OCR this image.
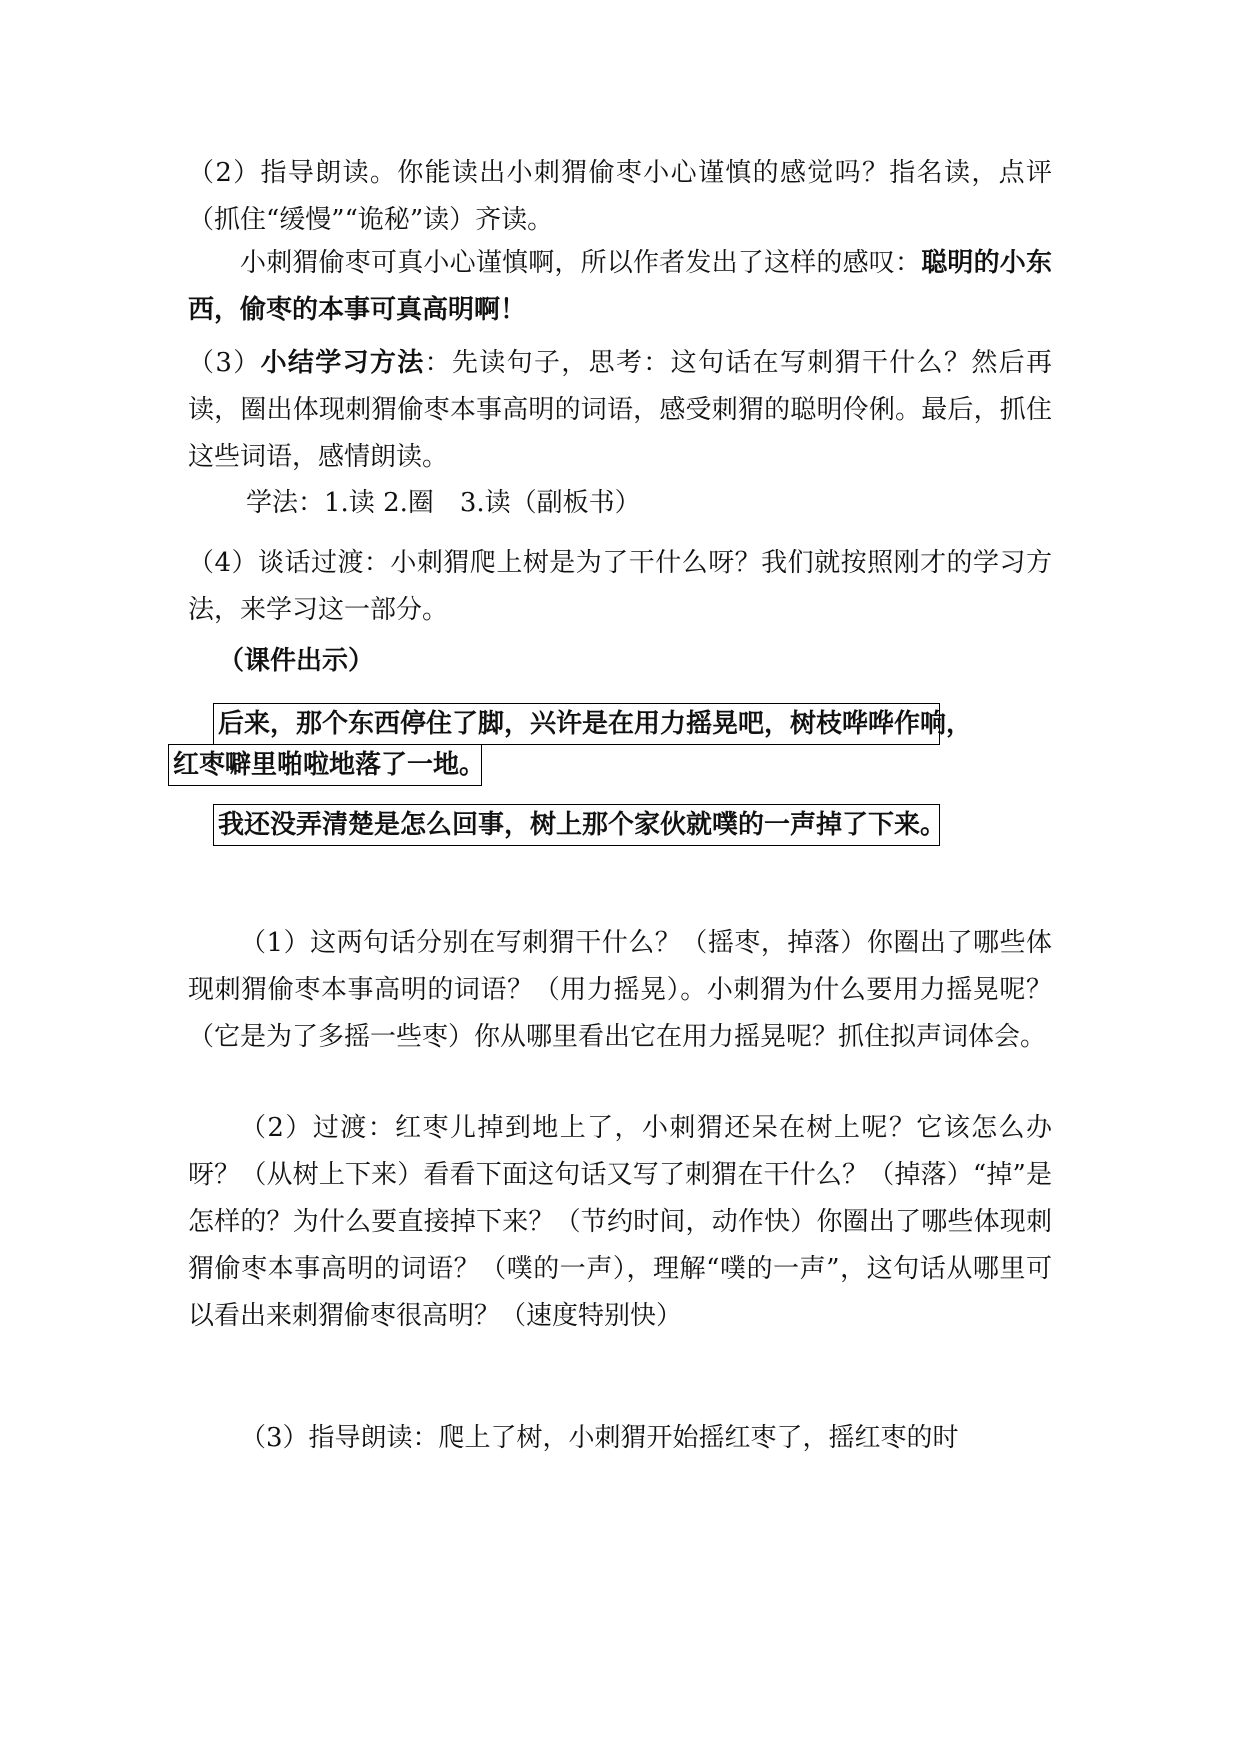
（2）指导朗读。你能读出小刺猬偷枣小心谨慎的感觉吗？指名读，点评（抓住“缓慢”“诡秘”读）齐读。

小刺猬偷枣可真小心谨慎啊，所以作者发出了这样的感叹：聪明的小东西，偷枣的本事可真高明啊！

（3）小结学习方法：先读句子，思考：这句话在写刺猬干什么？然后再读，圈出体现刺猬偷枣本事高明的词语，感受刺猬的聪明伶俐。最后，抓住这些词语，感情朗读。

学法：1.读 2.圈　3.读（副板书）

（4）谈话过渡：小刺猬爬上树是为了干什么呀？我们就按照刚才的学习方法，来学习这一部分。

（课件出示）

后来，那个东西停住了脚，兴许是在用力摇晃吧，树枝哗哗作响，
红枣噼里啪啦地落了一地。
我还没弄清楚是怎么回事，树上那个家伙就噗的一声掉了下来。

（1）这两句话分别在写刺猬干什么？（摇枣，掉落）你圈出了哪些体现刺猬偷枣本事高明的词语？（用力摇晃）。小刺猬为什么要用力摇晃呢？（它是为了多摇一些枣）你从哪里看出它在用力摇晃呢？抓住拟声词体会。

（2）过渡：红枣儿掉到地上了，小刺猬还呆在树上呢？它该怎么办呀？（从树上下来）看看下面这句话又写了刺猬在干什么？（掉落）“掉”是怎样的？为什么要直接掉下来？（节约时间，动作快）你圈出了哪些体现刺猬偷枣本事高明的词语？（噗的一声），理解“噗的一声”，这句话从哪里可以看出来刺猬偷枣很高明？（速度特别快）

（3）指导朗读：爬上了树，小刺猬开始摇红枣了，摇红枣的时
